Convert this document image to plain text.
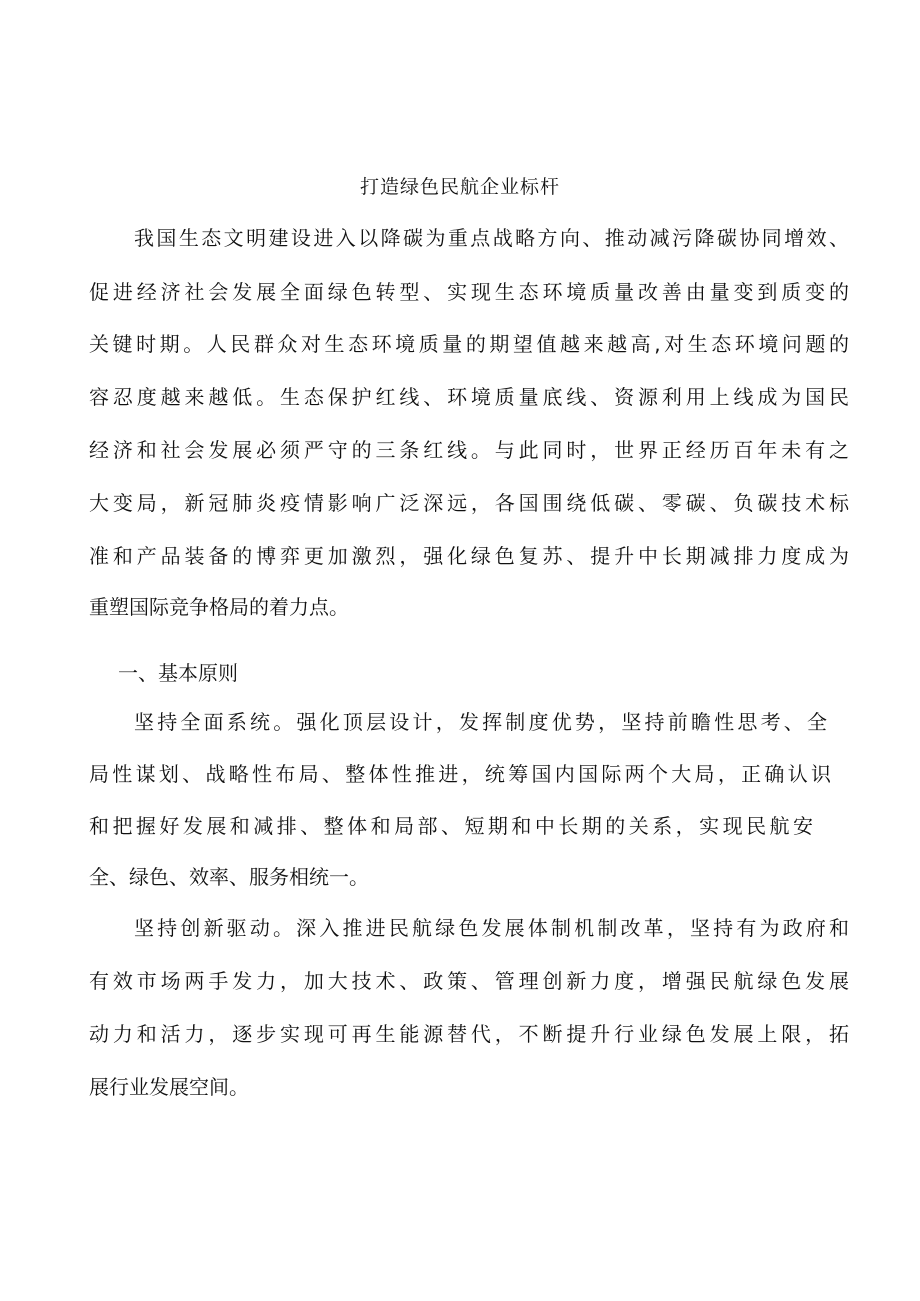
打造绿色民航企业标杆
我国生态文明建设进入以降碳为重点战略方向、推动减污降碳协同增效、
促进经济社会发展全面绿色转型、实现生态环境质量改善由量变到质变的
关键时期。人民群众对生态环境质量的期望值越来越高,对生态环境问题的
容忍度越来越低。生态保护红线、环境质量底线、资源利用上线成为国民
经济和社会发展必须严守的三条红线。与此同时，世界正经历百年未有之
大变局，新冠肺炎疫情影响广泛深远，各国围绕低碳、零碳、负碳技术标
准和产品装备的博弈更加激烈，强化绿色复苏、提升中长期减排力度成为
重塑国际竞争格局的着力点。
一、基本原则
坚持全面系统。强化顶层设计，发挥制度优势，坚持前瞻性思考、全
局性谋划、战略性布局、整体性推进，统筹国内国际两个大局，正确认识
和把握好发展和减排、整体和局部、短期和中长期的关系，实现民航安
全、绿色、效率、服务相统一。
坚持创新驱动。深入推进民航绿色发展体制机制改革，坚持有为政府和
有效市场两手发力，加大技术、政策、管理创新力度，增强民航绿色发展
动力和活力，逐步实现可再生能源替代，不断提升行业绿色发展上限，拓
展行业发展空间。
